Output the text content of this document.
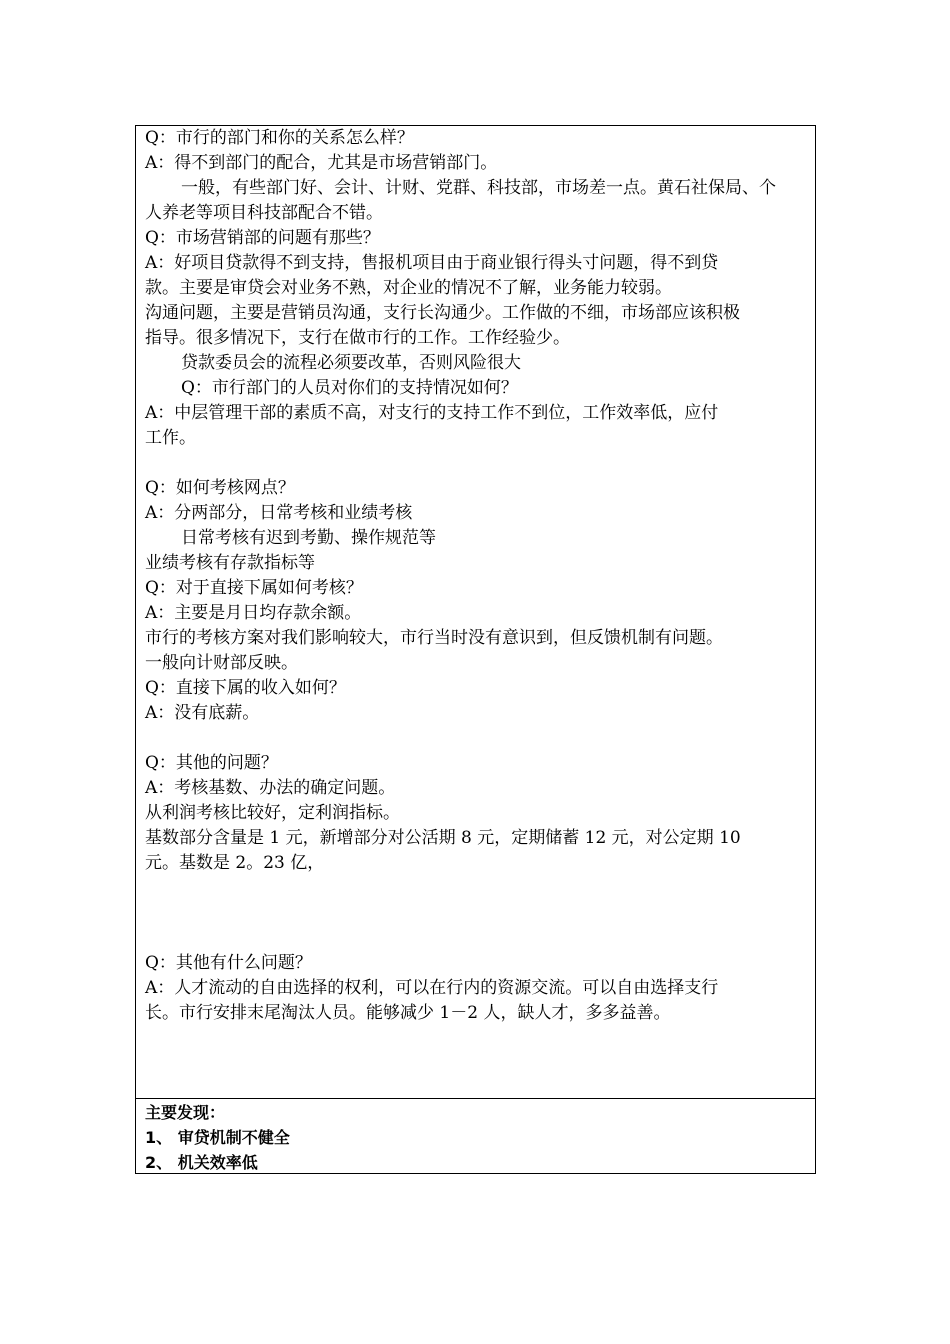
Q：市行的部门和你的关系怎么样？
A：得不到部门的配合，尤其是市场营销部门。
一般，有些部门好、会计、计财、党群、科技部，市场差一点。黄石社保局、个
人养老等项目科技部配合不错。
Q：市场营销部的问题有那些？
A：好项目贷款得不到支持，售报机项目由于商业银行得头寸问题，得不到贷
款。主要是审贷会对业务不熟，对企业的情况不了解，业务能力较弱。
沟通问题，主要是营销员沟通，支行长沟通少。工作做的不细，市场部应该积极
指导。很多情况下，支行在做市行的工作。工作经验少。
贷款委员会的流程必须要改革，否则风险很大
Q：市行部门的人员对你们的支持情况如何？
A：中层管理干部的素质不高，对支行的支持工作不到位，工作效率低，应付
工作。
Q：如何考核网点？
A：分两部分，日常考核和业绩考核
日常考核有迟到考勤、操作规范等
业绩考核有存款指标等
Q：对于直接下属如何考核？
A：主要是月日均存款余额。
市行的考核方案对我们影响较大，市行当时没有意识到，但反馈机制有问题。
一般向计财部反映。
Q：直接下属的收入如何？
A：没有底薪。
Q：其他的问题？
A：考核基数、办法的确定问题。
从利润考核比较好，定利润指标。
基数部分含量是 1 元，新增部分对公活期 8 元，定期储蓄 12 元，对公定期 10
元。基数是 2。23 亿，
Q：其他有什么问题？
A：人才流动的自由选择的权利，可以在行内的资源交流。可以自由选择支行
长。市行安排末尾淘汰人员。能够减少 1－2 人，缺人才，多多益善。
主要发现：
1、 审贷机制不健全
2、 机关效率低
